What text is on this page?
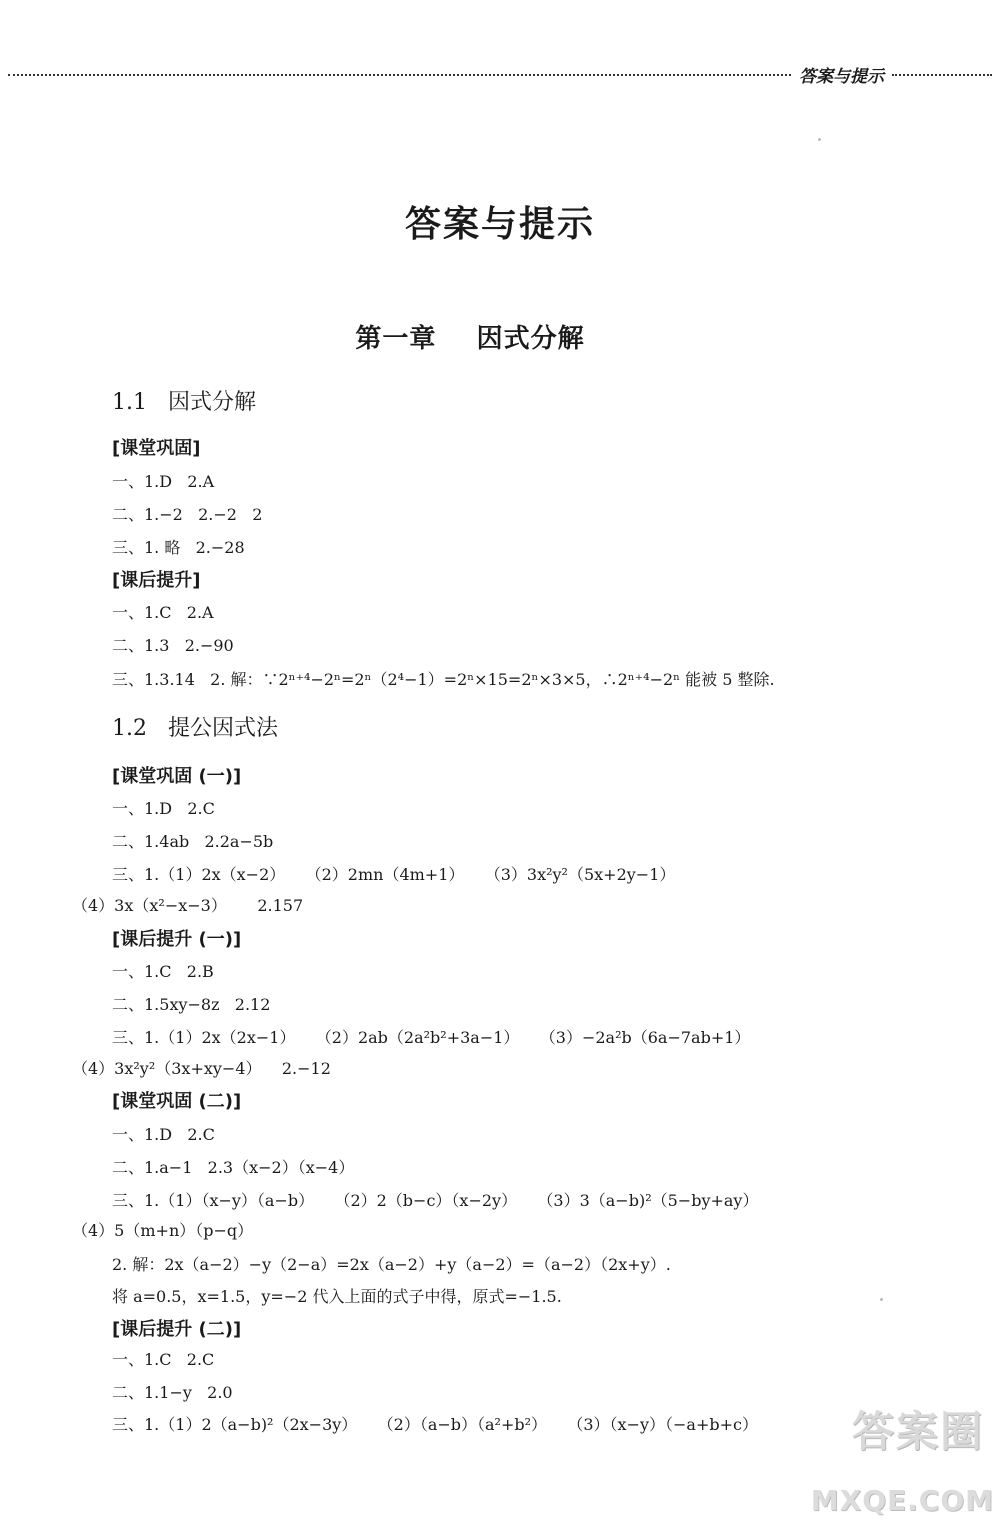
答案与提示
答案与提示
第一章    因式分解
1.1   因式分解
[课堂巩固]
一、1.D   2.A
二、1.−2   2.−2   2
三、1. 略   2.−28
[课后提升]
一、1.C   2.A
二、1.3   2.−90
三、1.3.14   2. 解：∵2ⁿ⁺⁴−2ⁿ=2ⁿ（2⁴−1）=2ⁿ×15=2ⁿ×3×5，∴2ⁿ⁺⁴−2ⁿ 能被 5 整除.
1.2   提公因式法
[课堂巩固 (一)]
一、1.D   2.C
二、1.4ab   2.2a−5b
三、1.（1）2x（x−2）    （2）2mn（4m+1）    （3）3x²y²（5x+2y−1）
（4）3x（x²−x−3）      2.157
[课后提升 (一)]
一、1.C   2.B
二、1.5xy−8z   2.12
三、1.（1）2x（2x−1）    （2）2ab（2a²b²+3a−1）    （3）−2a²b（6a−7ab+1）
（4）3x²y²（3x+xy−4）    2.−12
[课堂巩固 (二)]
一、1.D   2.C
二、1.a−1   2.3（x−2）（x−4）
三、1.（1）（x−y）（a−b）    （2）2（b−c）（x−2y）    （3）3（a−b)²（5−by+ay）
（4）5（m+n）（p−q）
2. 解：2x（a−2）−y（2−a）=2x（a−2）+y（a−2）=（a−2）（2x+y）.
将 a=0.5，x=1.5，y=−2 代入上面的式子中得，原式=−1.5.
[课后提升 (二)]
一、1.C   2.C
二、1.1−y   2.0
三、1.（1）2（a−b)²（2x−3y）    （2）（a−b）（a²+b²）    （3）（x−y）（−a+b+c） 答案圈
MXQE.COM
